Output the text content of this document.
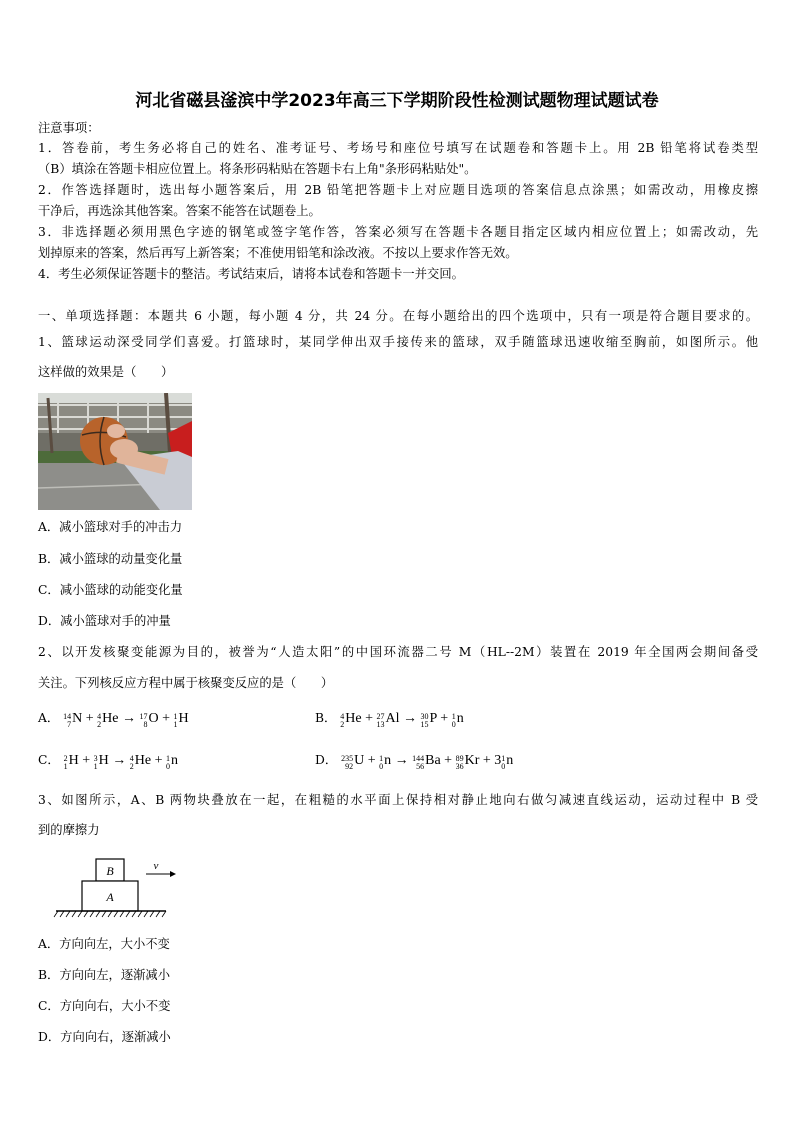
河北省磁县滏滨中学2023年高三下学期阶段性检测试题物理试题试卷
注意事项：
1．答卷前，考生务必将自己的姓名、准考证号、考场号和座位号填写在试题卷和答题卡上。用 2B 铅笔将试卷类型
（B）填涂在答题卡相应位置上。将条形码粘贴在答题卡右上角"条形码粘贴处"。
2．作答选择题时，选出每小题答案后，用 2B 铅笔把答题卡上对应题目选项的答案信息点涂黑；如需改动，用橡皮擦
干净后，再选涂其他答案。答案不能答在试题卷上。
3．非选择题必须用黑色字迹的钢笔或签字笔作答，答案必须写在答题卡各题目指定区域内相应位置上；如需改动，先
划掉原来的答案，然后再写上新答案；不准使用铅笔和涂改液。不按以上要求作答无效。
4．考生必须保证答题卡的整洁。考试结束后，请将本试卷和答题卡一并交回。
一、单项选择题：本题共 6 小题，每小题 4 分，共 24 分。在每小题给出的四个选项中，只有一项是符合题目要求的。
1、篮球运动深受同学们喜爱。打篮球时，某同学伸出双手接传来的篮球，双手随篮球迅速收缩至胸前，如图所示。他
这样做的效果是（　　）
A．减小篮球对手的冲击力
B．减小篮球的动量变化量
C．减小篮球的动能变化量
D．减小篮球对手的冲量
2、以开发核聚变能源为目的，被誉为“人造太阳”的中国环流器二号 M（HL--2M）装置在 2019 年全国两会期间备受
关注。下列核反应方程中属于核聚变反应的是（　　）
A． 14
7 N + 4
2 He → 17
8 O + 1
1 H	B． 4
2 He + 27
13 Al → 30
15 P + 1
0 n
C． 2
1 H + 3
1 H → 4
2 He + 1
0 n	D． 235
92 U + 1
0 n → 144
56 Ba + 89
36 Kr + 3 1
0 n
3、如图所示，A、B 两物块叠放在一起，在粗糙的水平面上保持相对静止地向右做匀减速直线运动，运动过程中 B 受
到的摩擦力
B
A
v
A．方向向左，大小不变
B．方向向左，逐渐减小
C．方向向右，大小不变
D．方向向右，逐渐减小
